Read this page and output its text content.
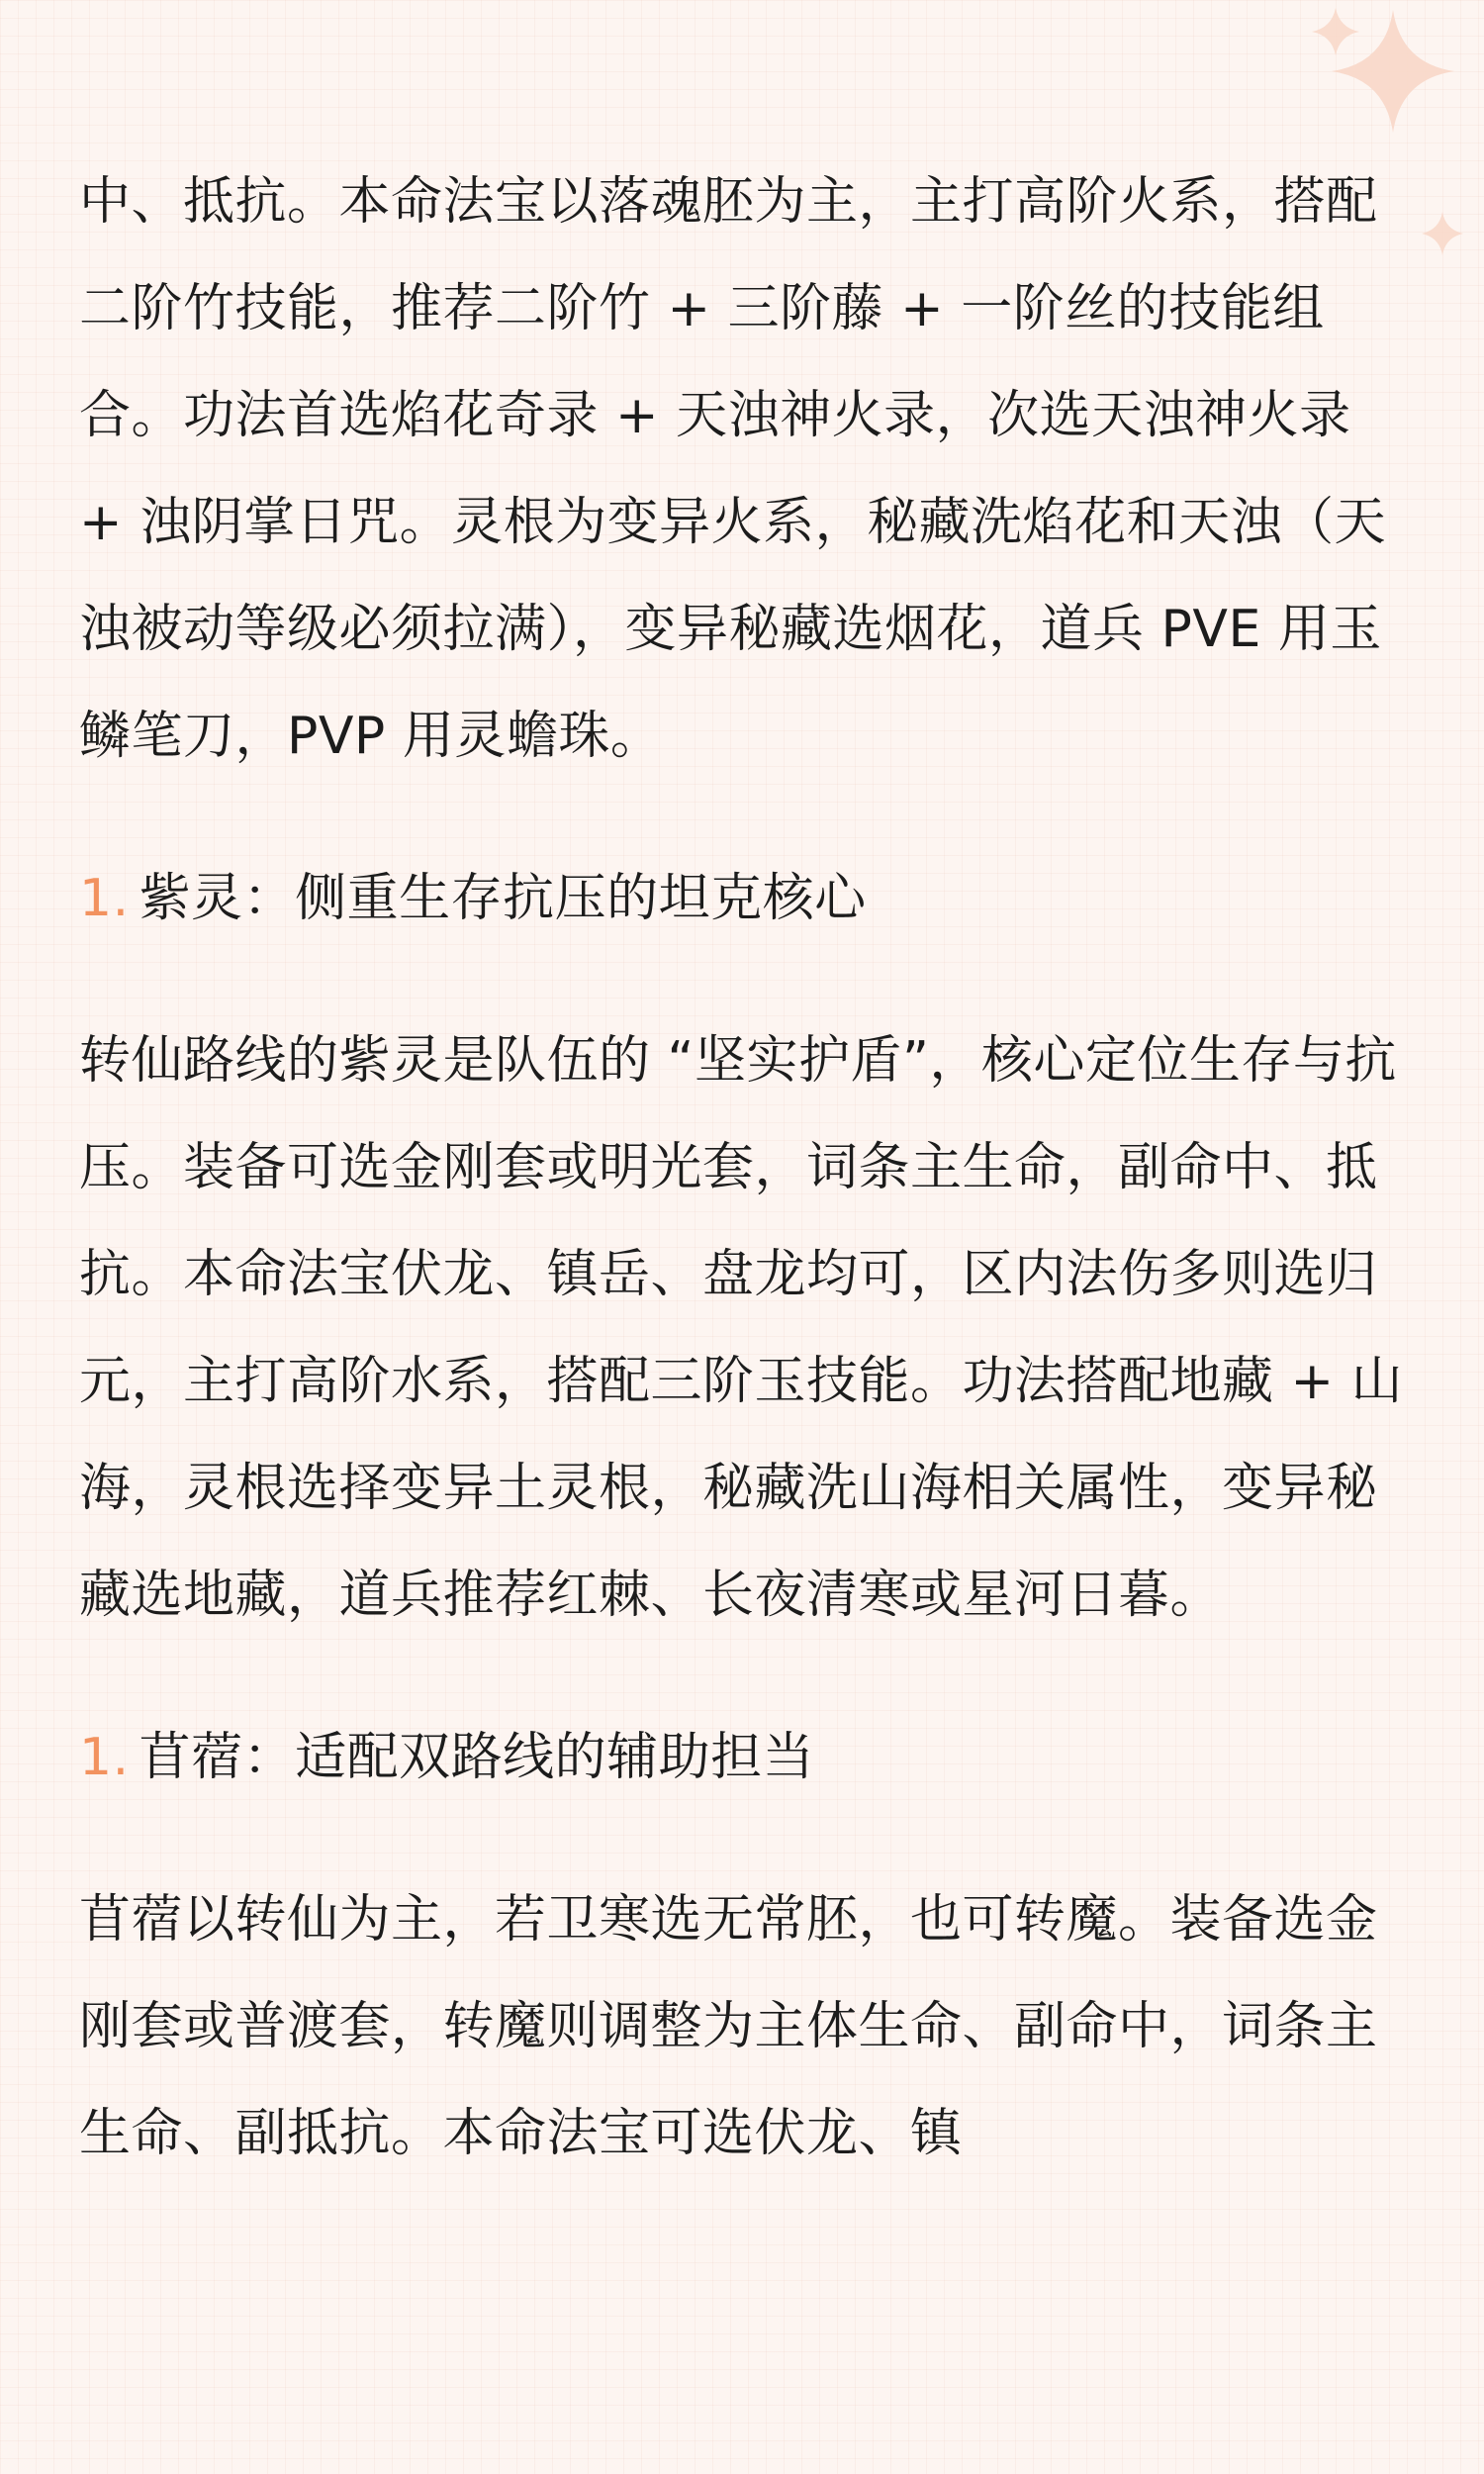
中、抵抗。本命法宝以落魂胚为主，主打高阶火系，搭配二阶竹技能，推荐二阶竹 + 三阶藤 + 一阶丝的技能组合。功法首选焰花奇录 + 天浊神火录，次选天浊神火录 + 浊阴掌日咒。灵根为变异火系，秘藏洗焰花和天浊（天浊被动等级必须拉满），变异秘藏选烟花，道兵 PVE 用玉鳞笔刀，PVP 用灵蟾珠。

1. 紫灵：侧重生存抗压的坦克核心

转仙路线的紫灵是队伍的 “坚实护盾”，核心定位生存与抗压。装备可选金刚套或明光套，词条主生命，副命中、抵抗。本命法宝伏龙、镇岳、盘龙均可，区内法伤多则选归元，主打高阶水系，搭配三阶玉技能。功法搭配地藏 + 山海，灵根选择变异土灵根，秘藏洗山海相关属性，变异秘藏选地藏，道兵推荐红棘、长夜清寒或星河日暮。

1. 苜蓿：适配双路线的辅助担当

苜蓿以转仙为主，若卫寒选无常胚，也可转魔。装备选金刚套或普渡套，转魔则调整为主体生命、副命中，词条主生命、副抵抗。本命法宝可选伏龙、镇
